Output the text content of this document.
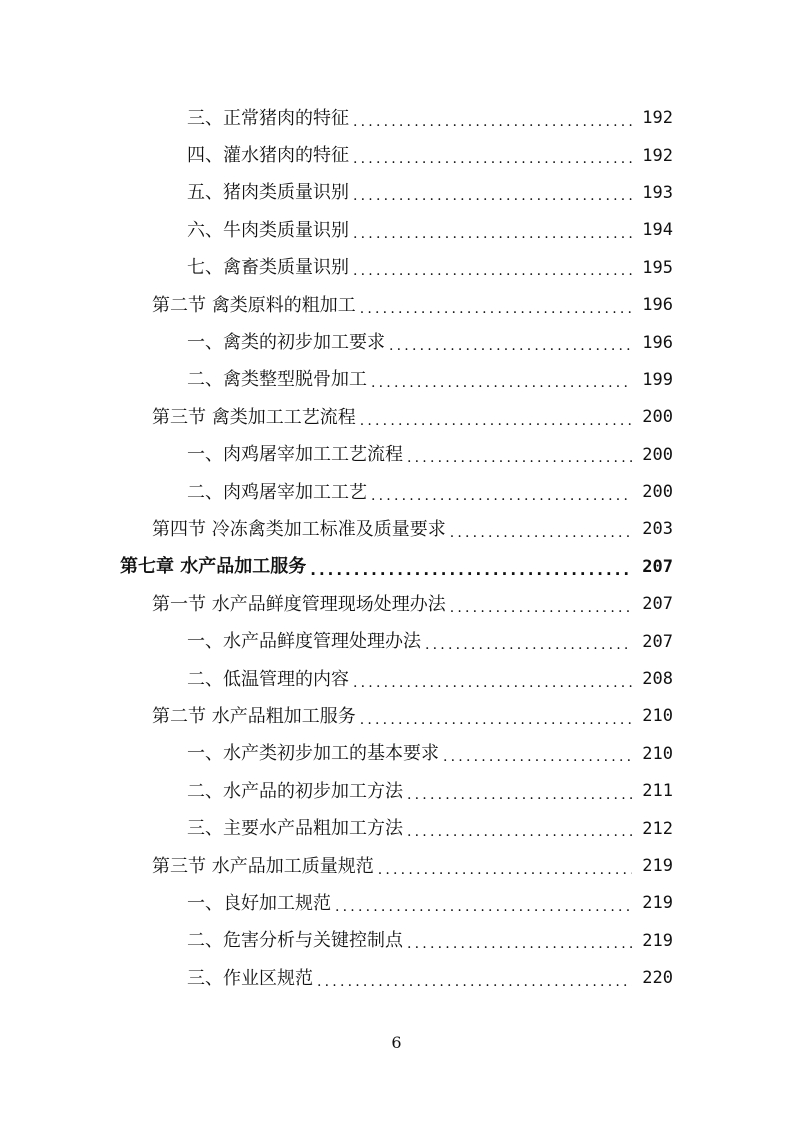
三、正常猪肉的特征 .....	192
四、灌水猪肉的特征 .....	192
五、猪肉类质量识别 .....	193
六、牛肉类质量识别 .....	194
七、禽畜类质量识别 .....	195
第二节 禽类原料的粗加工 .....	196
一、禽类的初步加工要求 .....	196
二、禽类整型脱骨加工 .....	199
第三节 禽类加工工艺流程 .....	200
一、肉鸡屠宰加工工艺流程 .....	200
二、肉鸡屠宰加工工艺 .....	200
第四节 冷冻禽类加工标准及质量要求 .....	203
第七章 水产品加工服务 .....	207
第一节 水产品鲜度管理现场处理办法 .....	207
一、水产品鲜度管理处理办法 .....	207
二、低温管理的内容 .....	208
第二节 水产品粗加工服务 .....	210
一、水产类初步加工的基本要求 .....	210
二、水产品的初步加工方法 .....	211
三、主要水产品粗加工方法 .....	212
第三节 水产品加工质量规范 .....	219
一、良好加工规范 .....	219
二、危害分析与关键控制点 .....	219
三、作业区规范 .....	220
6
